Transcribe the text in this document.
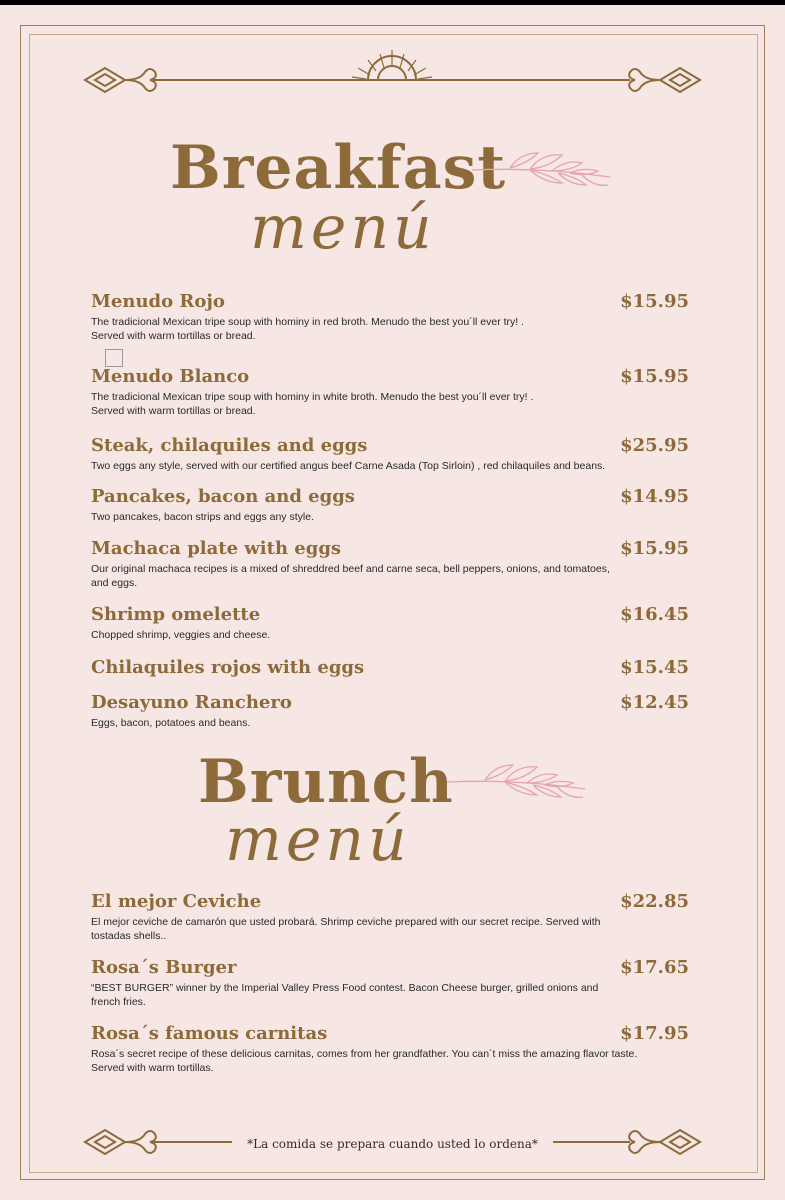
Breakfast
menú
Menudo Rojo	$15.95
The tradicional Mexican tripe soup with hominy in red broth. Menudo the best you´ll ever try! .
Served with warm tortillas or bread.
Menudo Blanco	$15.95
The tradicional Mexican tripe soup with hominy in white broth. Menudo the best you´ll ever try! .
Served with warm tortillas or bread.
Steak, chilaquiles and eggs	$25.95
Two eggs any style, served with our certified angus beef Carne Asada (Top Sirloin) , red chilaquiles and beans.
Pancakes, bacon and eggs	$14.95
Two pancakes, bacon strips and eggs any style.
Machaca plate with eggs	$15.95
Our original machaca recipes is a mixed of shreddred beef and carne seca, bell peppers, onions, and tomatoes,
and eggs.
Shrimp omelette	$16.45
Chopped shrimp, veggies and cheese.
Chilaquiles rojos with eggs	$15.45
Desayuno Ranchero	$12.45
Eggs, bacon, potatoes and beans.
Brunch
menú
El mejor Ceviche	$22.85
El mejor ceviche de camarón que usted probará. Shrimp ceviche prepared with our secret recipe. Served with
tostadas shells..
Rosa´s Burger	$17.65
“BEST BURGER” winner by the Imperial Valley Press Food contest. Bacon Cheese burger, grilled onions and
french fries.
Rosa´s famous carnitas	$17.95
Rosa´s secret recipe of these delicious carnitas, comes from her grandfather. You can´t miss the amazing flavor taste.
Served with warm tortillas.
*La comida se prepara cuando usted lo ordena*
